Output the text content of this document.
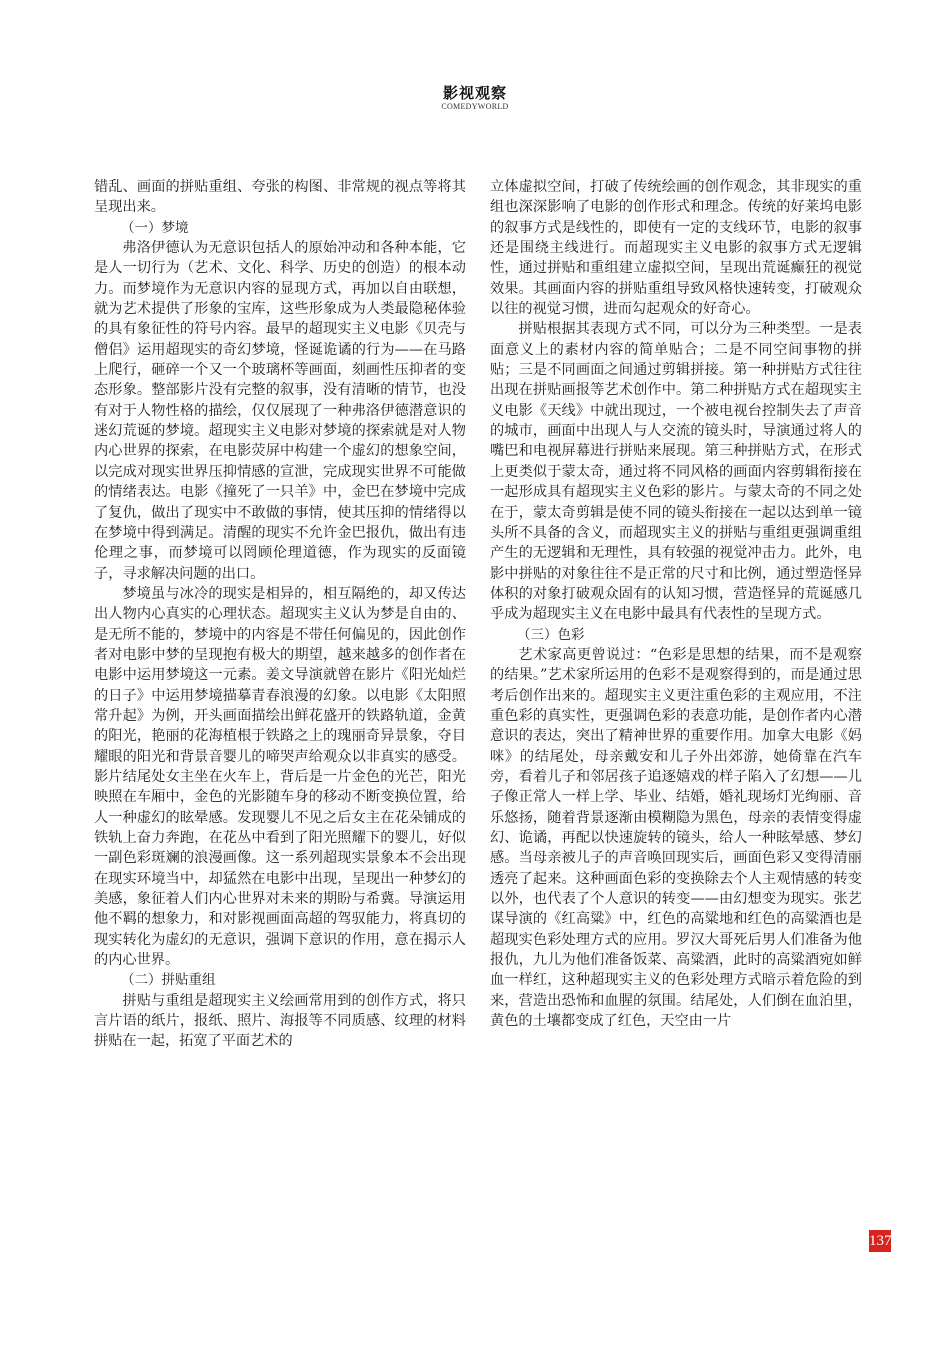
影视观察
COMEDYWORLD

错乱、画面的拼贴重组、夸张的构图、非常规的视点等将其呈现出来。

（一）梦境

弗洛伊德认为无意识包括人的原始冲动和各种本能，它是人一切行为（艺术、文化、科学、历史的创造）的根本动力。而梦境作为无意识内容的显现方式，再加以自由联想，就为艺术提供了形象的宝库，这些形象成为人类最隐秘体验的具有象征性的符号内容。最早的超现实主义电影《贝壳与僧侣》运用超现实的奇幻梦境，怪诞诡谲的行为——在马路上爬行，砸碎一个又一个玻璃杯等画面，刻画性压抑者的变态形象。整部影片没有完整的叙事，没有清晰的情节，也没有对于人物性格的描绘，仅仅展现了一种弗洛伊德潜意识的迷幻荒诞的梦境。超现实主义电影对梦境的探索就是对人物内心世界的探索，在电影荧屏中构建一个虚幻的想象空间，以完成对现实世界压抑情感的宣泄，完成现实世界不可能做的情绪表达。电影《撞死了一只羊》中，金巴在梦境中完成了复仇，做出了现实中不敢做的事情，使其压抑的情绪得以在梦境中得到满足。清醒的现实不允许金巴报仇，做出有违伦理之事，而梦境可以罔顾伦理道德，作为现实的反面镜子，寻求解决问题的出口。

梦境虽与冰冷的现实是相异的，相互隔绝的，却又传达出人物内心真实的心理状态。超现实主义认为梦是自由的、是无所不能的，梦境中的内容是不带任何偏见的，因此创作者对电影中梦的呈现抱有极大的期望，越来越多的创作者在电影中运用梦境这一元素。姜文导演就曾在影片《阳光灿烂的日子》中运用梦境描摹青春浪漫的幻象。以电影《太阳照常升起》为例，开头画面描绘出鲜花盛开的铁路轨道，金黄的阳光，艳丽的花海植根于铁路之上的瑰丽奇异景象，夺目耀眼的阳光和背景音婴儿的啼哭声给观众以非真实的感受。影片结尾处女主坐在火车上，背后是一片金色的光芒，阳光映照在车厢中，金色的光影随车身的移动不断变换位置，给人一种虚幻的眩晕感。发现婴儿不见之后女主在花朵铺成的铁轨上奋力奔跑，在花丛中看到了阳光照耀下的婴儿，好似一副色彩斑斓的浪漫画像。这一系列超现实景象本不会出现在现实环境当中，却猛然在电影中出现，呈现出一种梦幻的美感，象征着人们内心世界对未来的期盼与希冀。导演运用他不羁的想象力，和对影视画面高超的驾驭能力，将真切的现实转化为虚幻的无意识，强调下意识的作用，意在揭示人的内心世界。

（二）拼贴重组

拼贴与重组是超现实主义绘画常用到的创作方式，将只言片语的纸片，报纸、照片、海报等不同质感、纹理的材料拼贴在一起，拓宽了平面艺术的

立体虚拟空间，打破了传统绘画的创作观念，其非现实的重组也深深影响了电影的创作形式和理念。传统的好莱坞电影的叙事方式是线性的，即使有一定的支线环节，电影的叙事还是围绕主线进行。而超现实主义电影的叙事方式无逻辑性，通过拼贴和重组建立虚拟空间，呈现出荒诞癫狂的视觉效果。其画面内容的拼贴重组导致风格快速转变，打破观众以往的视觉习惯，进而勾起观众的好奇心。

拼贴根据其表现方式不同，可以分为三种类型。一是表面意义上的素材内容的简单贴合；二是不同空间事物的拼贴；三是不同画面之间通过剪辑拼接。第一种拼贴方式往往出现在拼贴画报等艺术创作中。第二种拼贴方式在超现实主义电影《天线》中就出现过，一个被电视台控制失去了声音的城市，画面中出现人与人交流的镜头时，导演通过将人的嘴巴和电视屏幕进行拼贴来展现。第三种拼贴方式，在形式上更类似于蒙太奇，通过将不同风格的画面内容剪辑衔接在一起形成具有超现实主义色彩的影片。与蒙太奇的不同之处在于，蒙太奇剪辑是使不同的镜头衔接在一起以达到单一镜头所不具备的含义，而超现实主义的拼贴与重组更强调重组产生的无逻辑和无理性，具有较强的视觉冲击力。此外，电影中拼贴的对象往往不是正常的尺寸和比例，通过塑造怪异体积的对象打破观众固有的认知习惯，营造怪异的荒诞感几乎成为超现实主义在电影中最具有代表性的呈现方式。

（三）色彩

艺术家高更曾说过：“色彩是思想的结果，而不是观察的结果。”艺术家所运用的色彩不是观察得到的，而是通过思考后创作出来的。超现实主义更注重色彩的主观应用，不注重色彩的真实性，更强调色彩的表意功能，是创作者内心潜意识的表达，突出了精神世界的重要作用。加拿大电影《妈咪》的结尾处，母亲戴安和儿子外出郊游，她倚靠在汽车旁，看着儿子和邻居孩子追逐嬉戏的样子陷入了幻想——儿子像正常人一样上学、毕业、结婚，婚礼现场灯光绚丽、音乐悠扬，随着背景逐渐由模糊隐为黑色，母亲的表情变得虚幻、诡谲，再配以快速旋转的镜头，给人一种眩晕感、梦幻感。当母亲被儿子的声音唤回现实后，画面色彩又变得清丽透亮了起来。这种画面色彩的变换除去个人主观情感的转变以外，也代表了个人意识的转变——由幻想变为现实。张艺谋导演的《红高粱》中，红色的高粱地和红色的高粱酒也是超现实色彩处理方式的应用。罗汉大哥死后男人们准备为他报仇，九儿为他们准备饭菜、高粱酒，此时的高粱酒宛如鲜血一样红，这种超现实主义的色彩处理方式暗示着危险的到来，营造出恐怖和血腥的氛围。结尾处，人们倒在血泊里，黄色的土壤都变成了红色，天空由一片

137
